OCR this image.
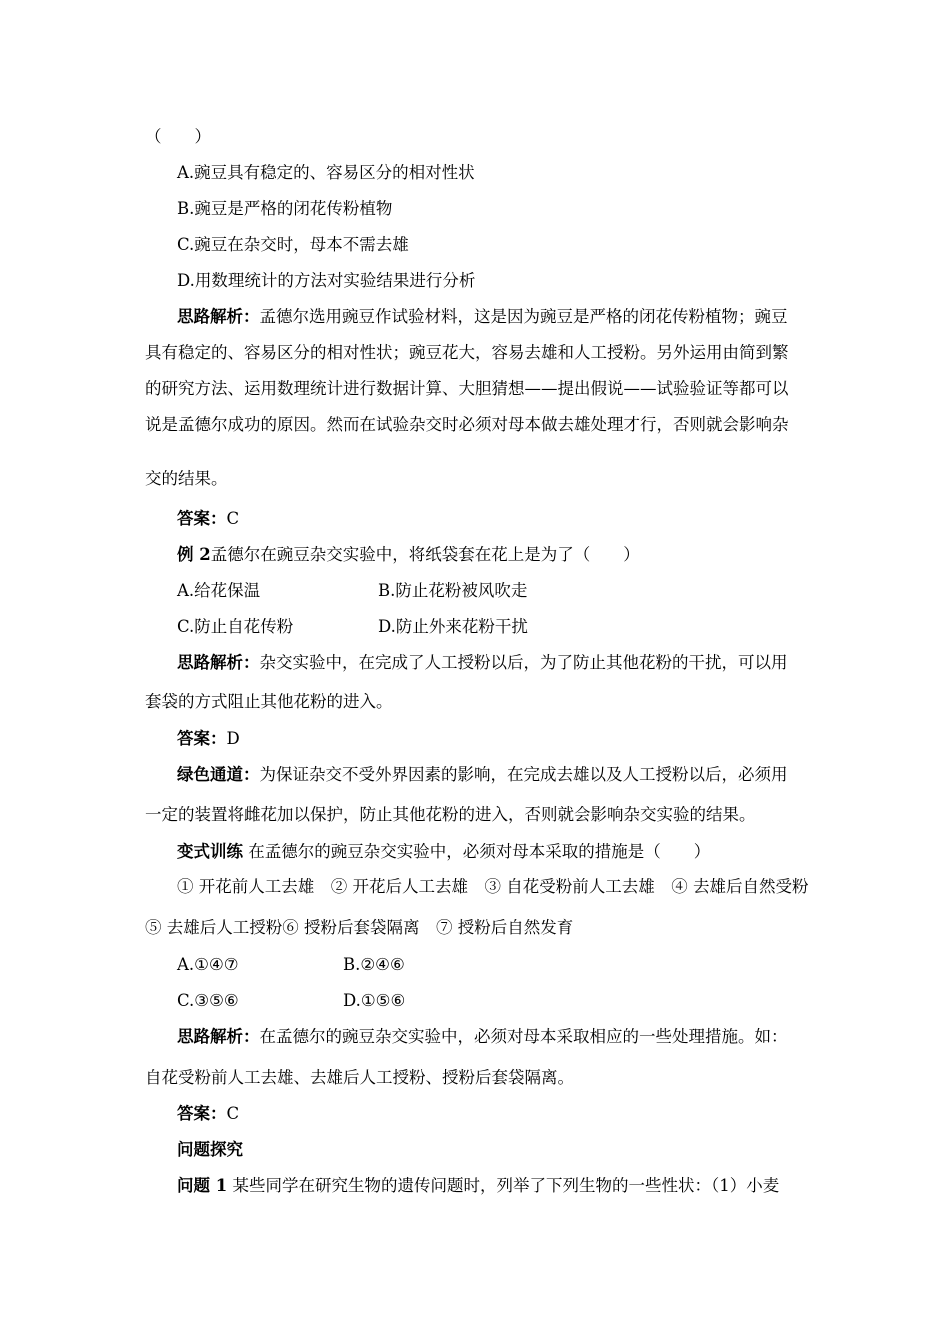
（　　）
A.豌豆具有稳定的、容易区分的相对性状
B.豌豆是严格的闭花传粉植物
C.豌豆在杂交时，母本不需去雄
D.用数理统计的方法对实验结果进行分析
思路解析：孟德尔选用豌豆作试验材料，这是因为豌豆是严格的闭花传粉植物；豌豆
具有稳定的、容易区分的相对性状；豌豆花大，容易去雄和人工授粉。另外运用由简到繁
的研究方法、运用数理统计进行数据计算、大胆猜想——提出假说——试验验证等都可以
说是孟德尔成功的原因。然而在试验杂交时必须对母本做去雄处理才行，否则就会影响杂
交的结果。
答案：C
例 2孟德尔在豌豆杂交实验中，将纸袋套在花上是为了（　　）
A.给花保温	B.防止花粉被风吹走
C.防止自花传粉	D.防止外来花粉干扰
思路解析：杂交实验中，在完成了人工授粉以后，为了防止其他花粉的干扰，可以用
套袋的方式阻止其他花粉的进入。
答案：D
绿色通道：为保证杂交不受外界因素的影响，在完成去雄以及人工授粉以后，必须用
一定的装置将雌花加以保护，防止其他花粉的进入，否则就会影响杂交实验的结果。
变式训练 在孟德尔的豌豆杂交实验中，必须对母本采取的措施是（　　）
① 开花前人工去雄　② 开花后人工去雄　③ 自花受粉前人工去雄　④ 去雄后自然受粉
⑤ 去雄后人工授粉⑥ 授粉后套袋隔离　⑦ 授粉后自然发育
A.①④⑦	B.②④⑥
C.③⑤⑥	D.①⑤⑥
思路解析：在孟德尔的豌豆杂交实验中，必须对母本采取相应的一些处理措施。如：
自花受粉前人工去雄、去雄后人工授粉、授粉后套袋隔离。
答案：C
问题探究
问题 1 某些同学在研究生物的遗传问题时，列举了下列生物的一些性状：（1）小麦
